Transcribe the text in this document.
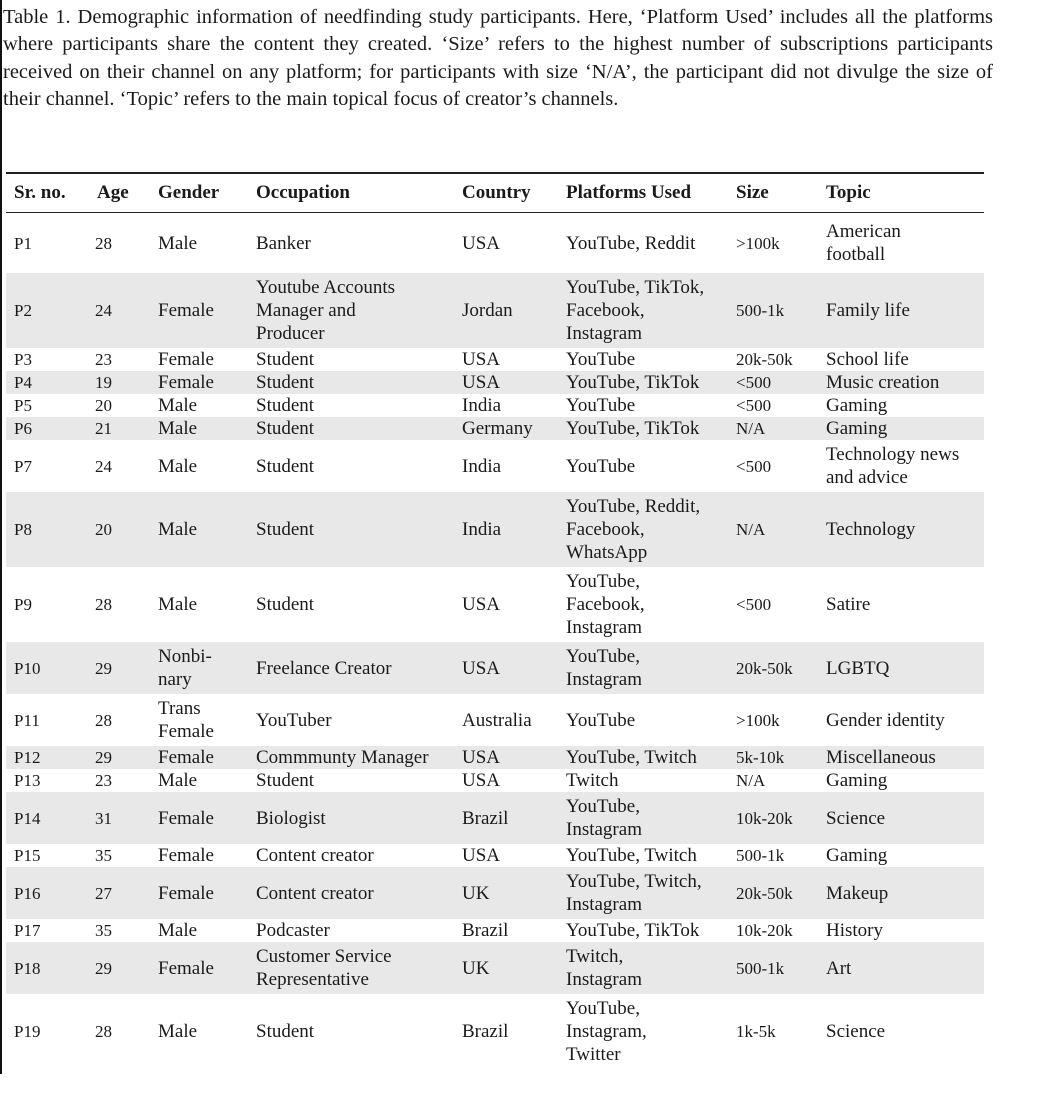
Table 1. Demographic information of needfinding study participants. Here, ‘Platform Used’ includes all the platforms where participants share the content they created. ‘Size’ refers to the highest number of subscriptions participants received on their channel on any platform; for participants with size ‘N/A’, the participant did not divulge the size of their channel. ‘Topic’ refers to the main topical focus of creator’s channels.

Sr. no.	Age	Gender	Occupation	Country	Platforms Used	Size	Topic
P1	28	Male	Banker	USA	YouTube, Reddit	>100k	American
football
P2	24	Female	Youtube Accounts
Manager and
Producer	Jordan	YouTube, TikTok,
Facebook,
Instagram	500-1k	Family life
P3	23	Female	Student	USA	YouTube	20k-50k	School life
P4	19	Female	Student	USA	YouTube, TikTok	<500	Music creation
P5	20	Male	Student	India	YouTube	<500	Gaming
P6	21	Male	Student	Germany	YouTube, TikTok	N/A	Gaming
P7	24	Male	Student	India	YouTube	<500	Technology news
and advice
P8	20	Male	Student	India	YouTube, Reddit,
Facebook,
WhatsApp	N/A	Technology
P9	28	Male	Student	USA	YouTube,
Facebook,
Instagram	<500	Satire
P10	29	Nonbi-
nary	Freelance Creator	USA	YouTube,
Instagram	20k-50k	LGBTQ
P11	28	Trans
Female	YouTuber	Australia	YouTube	>100k	Gender identity
P12	29	Female	Commmunty Manager	USA	YouTube, Twitch	5k-10k	Miscellaneous
P13	23	Male	Student	USA	Twitch	N/A	Gaming
P14	31	Female	Biologist	Brazil	YouTube,
Instagram	10k-20k	Science
P15	35	Female	Content creator	USA	YouTube, Twitch	500-1k	Gaming
P16	27	Female	Content creator	UK	YouTube, Twitch,
Instagram	20k-50k	Makeup
P17	35	Male	Podcaster	Brazil	YouTube, TikTok	10k-20k	History
P18	29	Female	Customer Service
Representative	UK	Twitch,
Instagram	500-1k	Art
P19	28	Male	Student	Brazil	YouTube,
Instagram,
Twitter	1k-5k	Science
